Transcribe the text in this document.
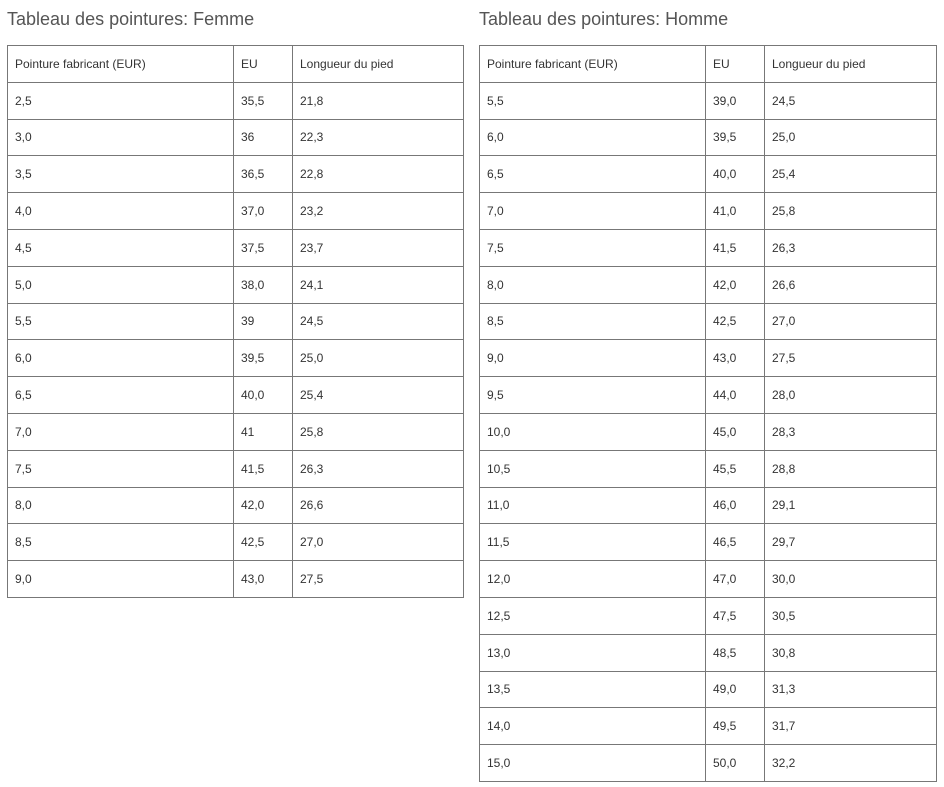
Tableau des pointures: Femme
Pointure fabricant (EUR)	EU	Longueur du pied
2,5	35,5	21,8
3,0	36	22,3
3,5	36,5	22,8
4,0	37,0	23,2
4,5	37,5	23,7
5,0	38,0	24,1
5,5	39	24,5
6,0	39,5	25,0
6,5	40,0	25,4
7,0	41	25,8
7,5	41,5	26,3
8,0	42,0	26,6
8,5	42,5	27,0
9,0	43,0	27,5
Tableau des pointures: Homme
Pointure fabricant (EUR)	EU	Longueur du pied
5,5	39,0	24,5
6,0	39,5	25,0
6,5	40,0	25,4
7,0	41,0	25,8
7,5	41,5	26,3
8,0	42,0	26,6
8,5	42,5	27,0
9,0	43,0	27,5
9,5	44,0	28,0
10,0	45,0	28,3
10,5	45,5	28,8
11,0	46,0	29,1
11,5	46,5	29,7
12,0	47,0	30,0
12,5	47,5	30,5
13,0	48,5	30,8
13,5	49,0	31,3
14,0	49,5	31,7
15,0	50,0	32,2
